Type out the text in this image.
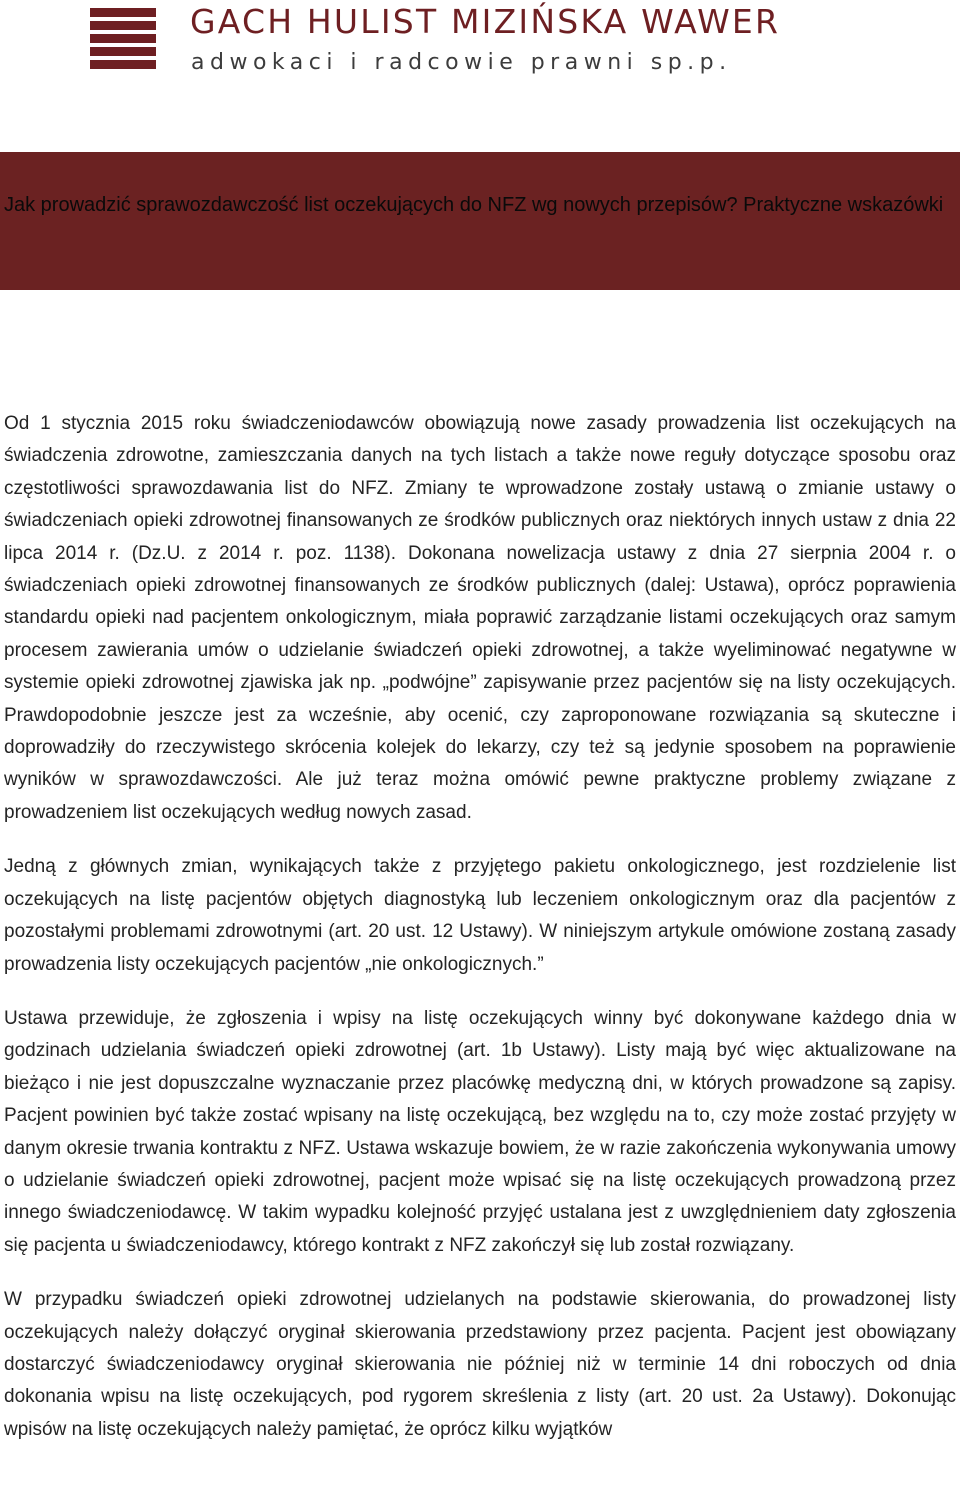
GACH HULIST MIZIŃSKA WAWER
adwokaci i radcowie prawni sp.p.
Jak prowadzić sprawozdawczość list oczekujących do NFZ wg nowych przepisów? Praktyczne wskazówki

Od 1 stycznia 2015 roku świadczeniodawców obowiązują nowe zasady prowadzenia list oczekujących na świadczenia zdrowotne, zamieszczania danych na tych listach a także nowe reguły dotyczące sposobu oraz częstotliwości sprawozdawania list do NFZ. Zmiany te wprowadzone zostały ustawą o zmianie ustawy o świadczeniach opieki zdrowotnej finansowanych ze środków publicznych oraz niektórych innych ustaw z dnia 22 lipca 2014 r. (Dz.U. z 2014 r. poz. 1138). Dokonana nowelizacja ustawy z dnia 27 sierpnia 2004 r. o świadczeniach opieki zdrowotnej finansowanych ze środków publicznych (dalej: Ustawa), oprócz poprawienia standardu opieki nad pacjentem onkologicznym, miała poprawić zarządzanie listami oczekujących oraz samym procesem zawierania umów o udzielanie świadczeń opieki zdrowotnej, a także wyeliminować negatywne w systemie opieki zdrowotnej zjawiska jak np. „podwójne” zapisywanie przez pacjentów się na listy oczekujących. Prawdopodobnie jeszcze jest za wcześnie, aby ocenić, czy zaproponowane rozwiązania są skuteczne i doprowadziły do rzeczywistego skrócenia kolejek do lekarzy, czy też są jedynie sposobem na poprawienie wyników w sprawozdawczości. Ale już teraz można omówić pewne praktyczne problemy związane z prowadzeniem list oczekujących według nowych zasad.

Jedną z głównych zmian, wynikających także z przyjętego pakietu onkologicznego, jest rozdzielenie list oczekujących na listę pacjentów objętych diagnostyką lub leczeniem onkologicznym oraz dla pacjentów z pozostałymi problemami zdrowotnymi (art. 20 ust. 12 Ustawy). W niniejszym artykule omówione zostaną zasady prowadzenia listy oczekujących pacjentów „nie onkologicznych.”

Ustawa przewiduje, że zgłoszenia i wpisy na listę oczekujących winny być dokonywane każdego dnia w godzinach udzielania świadczeń opieki zdrowotnej (art. 1b Ustawy). Listy mają być więc aktualizowane na bieżąco i nie jest dopuszczalne wyznaczanie przez placówkę medyczną dni, w których prowadzone są zapisy. Pacjent powinien być także zostać wpisany na listę oczekującą, bez względu na to, czy może zostać przyjęty w danym okresie trwania kontraktu z NFZ. Ustawa wskazuje bowiem, że w razie zakończenia wykonywania umowy o udzielanie świadczeń opieki zdrowotnej, pacjent może wpisać się na listę oczekujących prowadzoną przez innego świadczeniodawcę. W takim wypadku kolejność przyjęć ustalana jest z uwzględnieniem daty zgłoszenia się pacjenta u świadczeniodawcy, którego kontrakt z NFZ zakończył się lub został rozwiązany.

W przypadku świadczeń opieki zdrowotnej udzielanych na podstawie skierowania, do prowadzonej listy oczekujących należy dołączyć oryginał skierowania przedstawiony przez pacjenta. Pacjent jest obowiązany dostarczyć świadczeniodawcy oryginał skierowania nie później niż w terminie 14 dni roboczych od dnia dokonania wpisu na listę oczekujących, pod rygorem skreślenia z listy (art. 20 ust. 2a Ustawy). Dokonując wpisów na listę oczekujących należy pamiętać, że oprócz kilku wyjątków
